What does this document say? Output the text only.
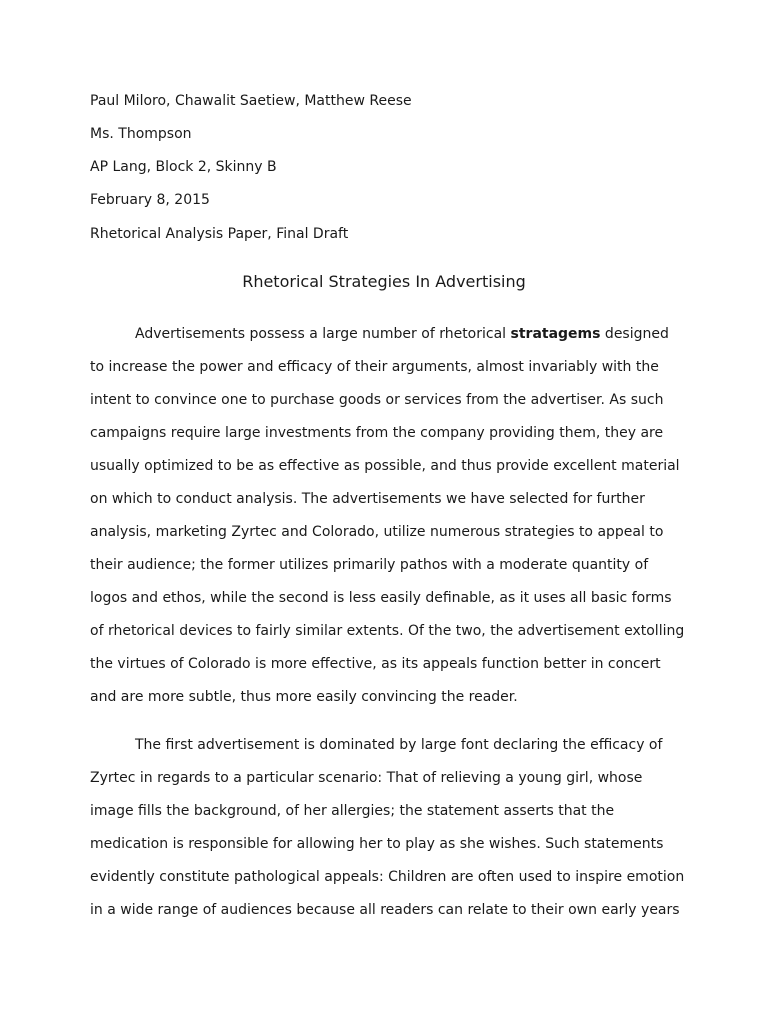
Paul Miloro, Chawalit Saetiew, Matthew Reese
Ms. Thompson
AP Lang, Block 2, Skinny B
February 8, 2015
Rhetorical Analysis Paper, Final Draft
Rhetorical Strategies In Advertising
Advertisements possess a large number of rhetorical stratagems designed
to increase the power and efficacy of their arguments, almost invariably with the
intent to convince one to purchase goods or services from the advertiser. As such
campaigns require large investments from the company providing them, they are
usually optimized to be as effective as possible, and thus provide excellent material
on which to conduct analysis. The advertisements we have selected for further
analysis, marketing Zyrtec and Colorado, utilize numerous strategies to appeal to
their audience; the former utilizes primarily pathos with a moderate quantity of
logos and ethos, while the second is less easily definable, as it uses all basic forms
of rhetorical devices to fairly similar extents. Of the two, the advertisement extolling
the virtues of Colorado is more effective, as its appeals function better in concert
and are more subtle, thus more easily convincing the reader.
The first advertisement is dominated by large font declaring the efficacy of
Zyrtec in regards to a particular scenario: That of relieving a young girl, whose
image fills the background, of her allergies; the statement asserts that the
medication is responsible for allowing her to play as she wishes. Such statements
evidently constitute pathological appeals: Children are often used to inspire emotion
in a wide range of audiences because all readers can relate to their own early years
